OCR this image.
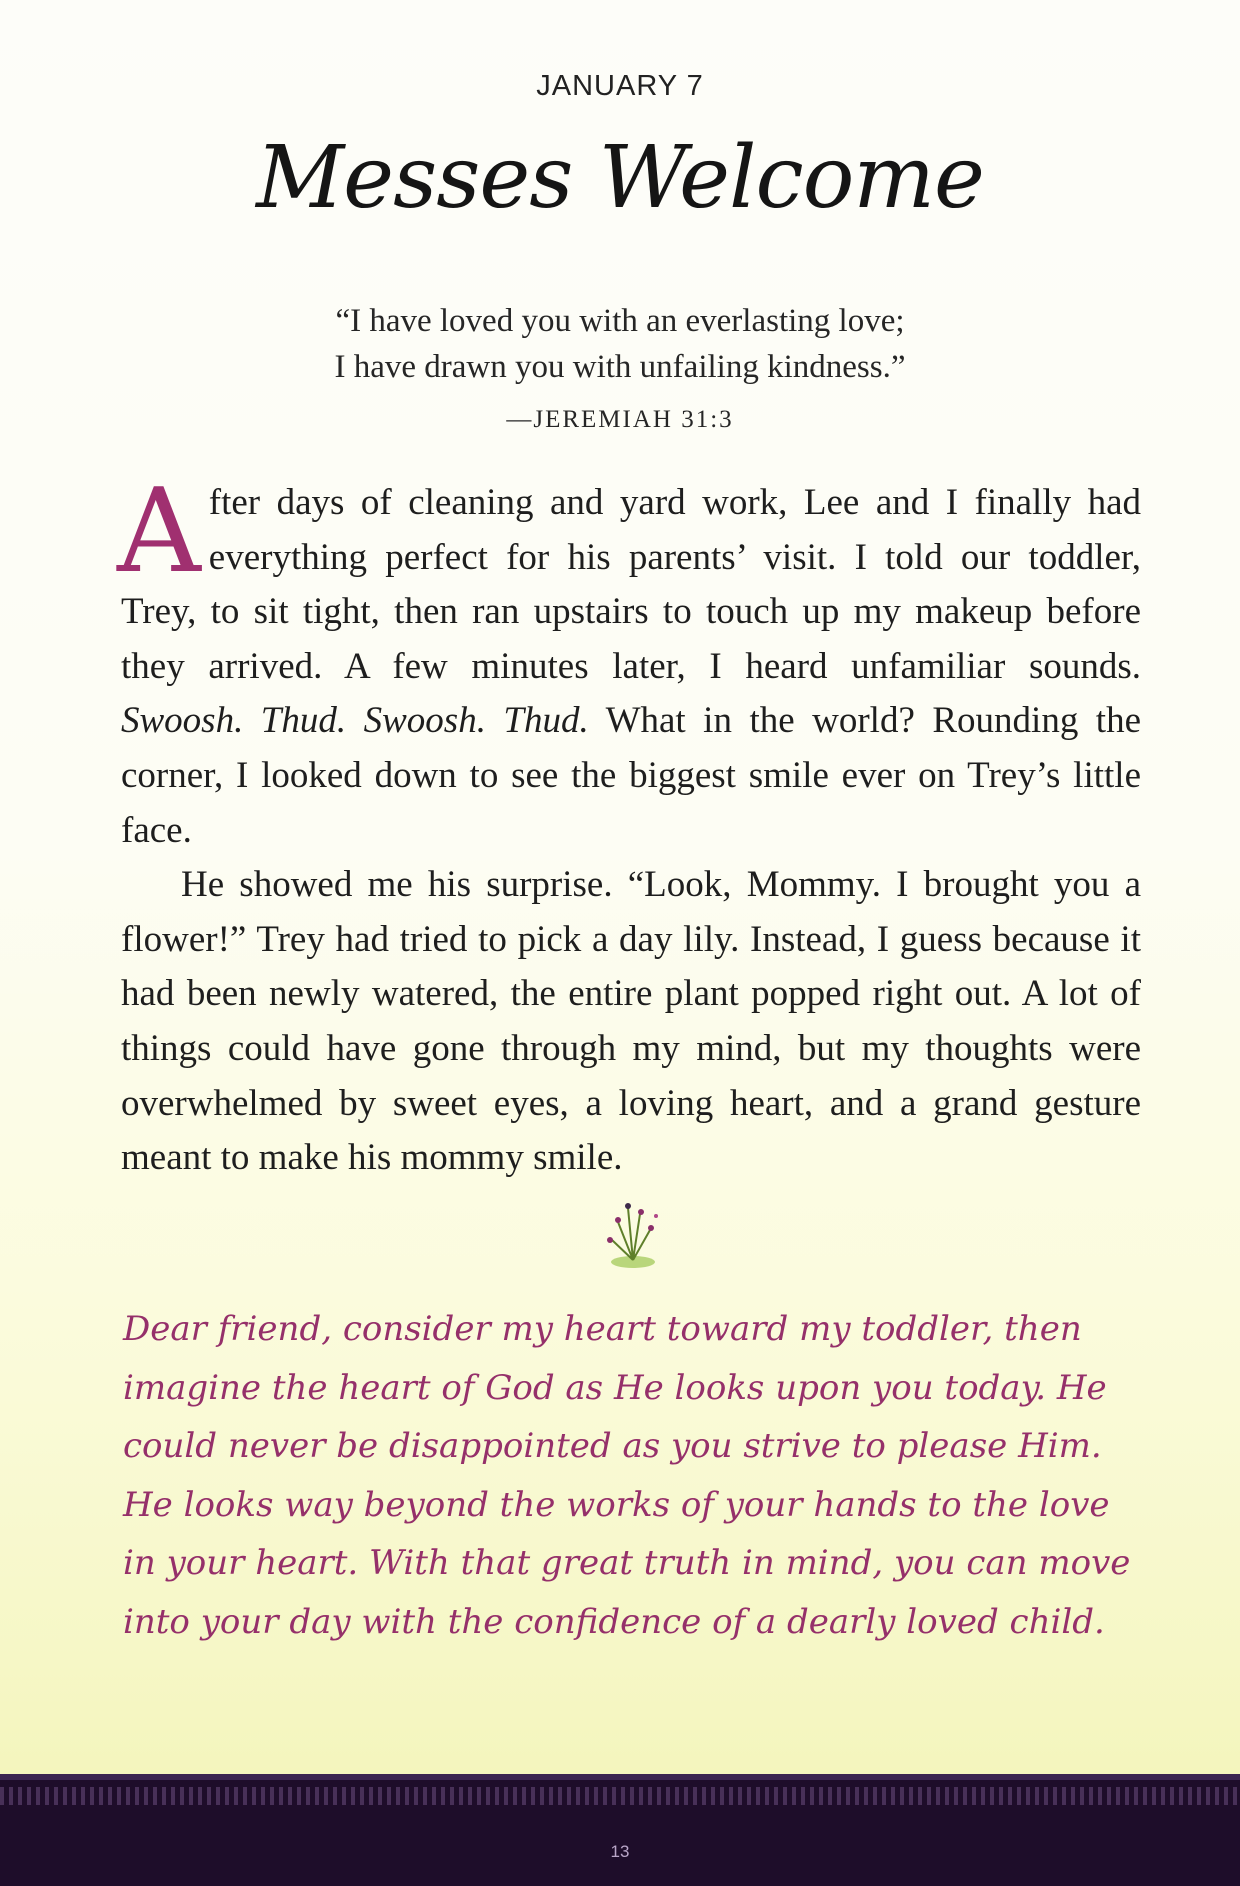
JANUARY 7
Messes Welcome
“I have loved you with an everlasting love;
I have drawn you with unfailing kindness.”
—JEREMIAH 31:3

After days of cleaning and yard work, Lee and I finally had everything perfect for his parents’ visit. I told our toddler, Trey, to sit tight, then ran upstairs to touch up my makeup before they arrived. A few minutes later, I heard unfamiliar sounds. Swoosh. Thud. Swoosh. Thud. What in the world? Rounding the corner, I looked down to see the biggest smile ever on Trey’s little face.

He showed me his surprise. “Look, Mommy. I brought you a flower!” Trey had tried to pick a day lily. Instead, I guess because it had been newly watered, the entire plant popped right out. A lot of things could have gone through my mind, but my thoughts were overwhelmed by sweet eyes, a loving heart, and a grand gesture meant to make his mommy smile.

Dear friend, consider my heart toward my toddler, then imagine the heart of God as He looks upon you today. He could never be disappointed as you strive to please Him. He looks way beyond the works of your hands to the love in your heart. With that great truth in mind, you can move into your day with the confidence of a dearly loved child.
13
